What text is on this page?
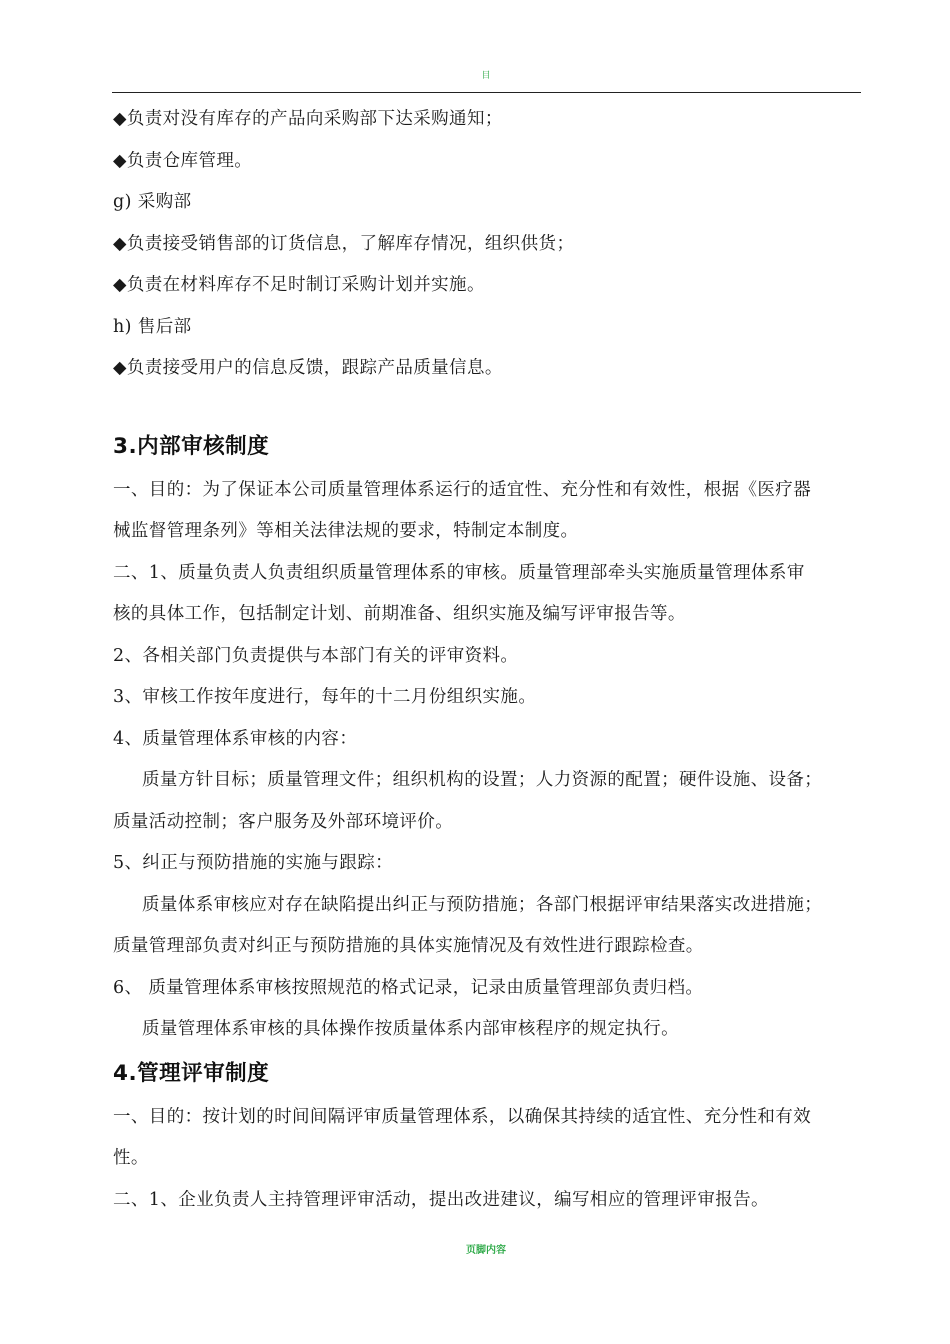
目
◆负责对没有库存的产品向采购部下达采购通知；
◆负责仓库管理。
g) 采购部
◆负责接受销售部的订货信息，了解库存情况，组织供货；
◆负责在材料库存不足时制订采购计划并实施。
h) 售后部
◆负责接受用户的信息反馈，跟踪产品质量信息。
3.内部审核制度
一、目的：为了保证本公司质量管理体系运行的适宜性、充分性和有效性，根据《医疗器
械监督管理条列》等相关法律法规的要求，特制定本制度。
二、1、质量负责人负责组织质量管理体系的审核。质量管理部牵头实施质量管理体系审
核的具体工作，包括制定计划、前期准备、组织实施及编写评审报告等。
2、各相关部门负责提供与本部门有关的评审资料。
3、审核工作按年度进行，每年的十二月份组织实施。
4、质量管理体系审核的内容：
质量方针目标；质量管理文件；组织机构的设置；人力资源的配置；硬件设施、设备；
质量活动控制；客户服务及外部环境评价。
5、纠正与预防措施的实施与跟踪：
质量体系审核应对存在缺陷提出纠正与预防措施；各部门根据评审结果落实改进措施；
质量管理部负责对纠正与预防措施的具体实施情况及有效性进行跟踪检查。
6、 质量管理体系审核按照规范的格式记录，记录由质量管理部负责归档。
质量管理体系审核的具体操作按质量体系内部审核程序的规定执行。
4.管理评审制度
一、目的：按计划的时间间隔评审质量管理体系，以确保其持续的适宜性、充分性和有效
性。
二、1、企业负责人主持管理评审活动，提出改进建议，编写相应的管理评审报告。
页脚内容
